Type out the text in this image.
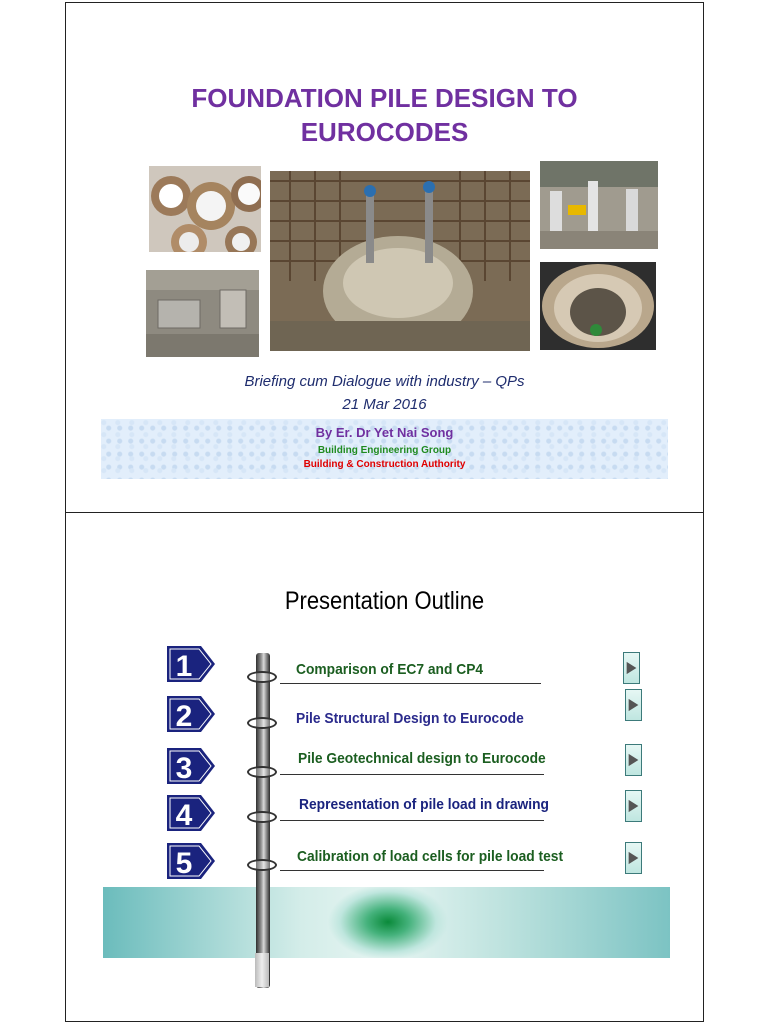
FOUNDATION PILE DESIGN TO
EUROCODES
Briefing cum Dialogue with industry – QPs
21 Mar 2016
By Er. Dr Yet Nai Song
Building Engineering Group
Building & Construction Authority
Presentation Outline
1	Comparison of EC7 and CP4
2	Pile Structural Design to Eurocode
3	Pile Geotechnical design to Eurocode
4	Representation of pile load in drawing
5	Calibration of load cells for pile load test
